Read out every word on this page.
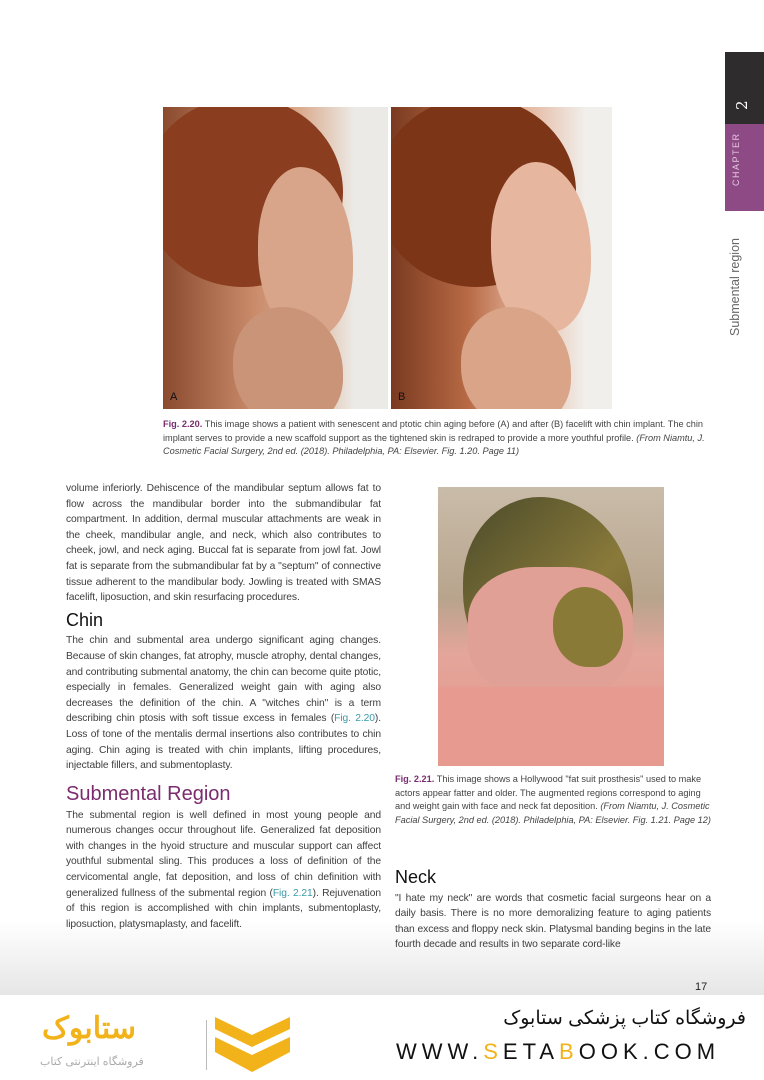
2
CHAPTER
Submental region
A	B
Fig. 2.20. This image shows a patient with senescent and ptotic chin aging before (A) and after (B) facelift with chin implant. The chin implant serves to provide a new scaffold support as the tightened skin is redraped to provide a more youthful profile. (From Niamtu, J. Cosmetic Facial Surgery, 2nd ed. (2018). Philadelphia, PA: Elsevier. Fig. 1.20. Page 11)

volume inferiorly. Dehiscence of the mandibular septum allows fat to flow across the mandibular border into the submandibular fat compartment. In addition, dermal muscular attachments are weak in the cheek, mandibular angle, and neck, which also contributes to cheek, jowl, and neck aging. Buccal fat is separate from jowl fat. Jowl fat is separate from the submandibular fat by a "septum" of connective tissue adherent to the mandibular body. Jowling is treated with SMAS facelift, liposuction, and skin resurfacing procedures.

Chin

The chin and submental area undergo significant aging changes. Because of skin changes, fat atrophy, muscle atrophy, dental changes, and contributing submental anatomy, the chin can become quite ptotic, especially in females. Generalized weight gain with aging also decreases the definition of the chin. A "witches chin" is a term describing chin ptosis with soft tissue excess in females (Fig. 2.20). Loss of tone of the mentalis dermal insertions also contributes to chin aging. Chin aging is treated with chin implants, lifting procedures, injectable fillers, and submentoplasty.

Submental Region

The submental region is well defined in most young people and numerous changes occur throughout life. Generalized fat deposition with changes in the hyoid structure and muscular support can affect youthful submental sling. This produces a loss of definition of the cervicomental angle, fat deposition, and loss of chin definition with generalized fullness of the submental region (Fig. 2.21). Rejuvenation of this region is accomplished with chin implants, submentoplasty, liposuction, platysmaplasty, and facelift.

Fig. 2.21. This image shows a Hollywood "fat suit prosthesis" used to make actors appear fatter and older. The augmented regions correspond to aging and weight gain with face and neck fat deposition. (From Niamtu, J. Cosmetic Facial Surgery, 2nd ed. (2018). Philadelphia, PA: Elsevier. Fig. 1.21. Page 12)
Neck

"I hate my neck" are words that cosmetic facial surgeons hear on a daily basis. There is no more demoralizing feature to aging patients than excess and floppy neck skin. Platysmal banding begins in the late fourth decade and results in two separate cord-like

17
ستابوک
فروشگاه اینترنتی کتاب
فروشگاه کتاب پزشکی ستابوک
WWW.SETABOOK.COM
